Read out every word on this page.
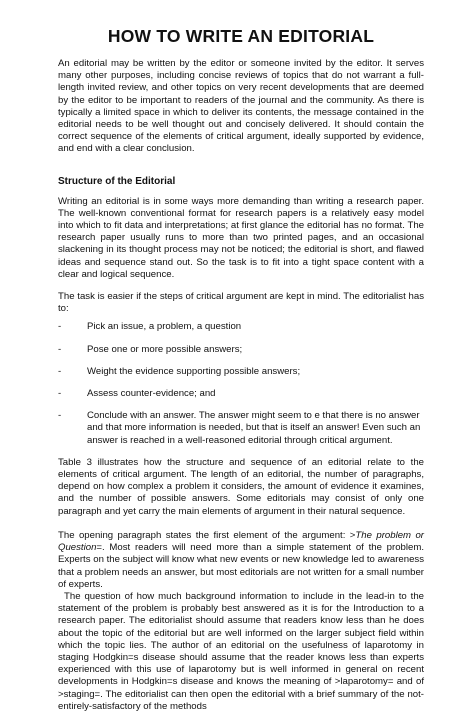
HOW TO WRITE AN EDITORIAL

An editorial may be written by the editor or someone invited by the editor. It serves many other purposes, including concise reviews of topics that do not warrant a full-length invited review, and other topics on very recent developments that are deemed by the editor to be important to readers of the journal and the community. As there is typically a limited space in which to deliver its contents, the message contained in the editorial needs to be well thought out and concisely delivered. It should contain the correct sequence of the elements of critical argument, ideally supported by evidence, and end with a clear conclusion.

Structure of the Editorial

Writing an editorial is in some ways more demanding than writing a research paper. The well-known conventional format for research papers is a relatively easy model into which to fit data and interpretations; at first glance the editorial has no format. The research paper usually runs to more than two printed pages, and an occasional slackening in its thought process may not be noticed; the editorial is short, and flawed ideas and sequence stand out. So the task is to fit into a tight space content with a clear and logical sequence.

The task is easier if the steps of critical argument are kept in mind. The editorialist has to:

-	Pick an issue, a problem, a question
-	Pose one or more possible answers;
-	Weight the evidence supporting possible answers;
-	Assess counter-evidence; and
-	Conclude with an answer. The answer might seem to e that there is no answer and that more information is needed, but that is itself an answer! Even such an answer is reached in a well-reasoned editorial through critical argument.

Table 3 illustrates how the structure and sequence of an editorial relate to the elements of critical argument. The length of an editorial, the number of paragraphs, depend on how complex a problem it considers, the amount of evidence it examines, and the number of possible answers. Some editorials may consist of only one paragraph and yet carry the main elements of argument in their natural sequence.

The opening paragraph states the first element of the argument: >The problem or Question=. Most readers will need more than a simple statement of the problem. Experts on the subject will know what new events or new knowledge led to awareness that a problem needs an answer, but most editorials are not written for a small number of experts.
The question of how much background information to include in the lead-in to the statement of the problem is probably best answered as it is for the Introduction to a research paper. The editorialist should assume that readers know less than he does about the topic of the editorial but are well informed on the larger subject field within which the topic lies. The author of an editorial on the usefulness of laparotomy in staging Hodgkin=s disease should assume that the reader knows less than experts experienced with this use of laparotomy but is well informed in general on recent developments in Hodgkin=s disease and knows the meaning of >laparotomy= and of >staging=. The editorialist can then open the editorial with a brief summary of the not-entirely-satisfactory of the methods
